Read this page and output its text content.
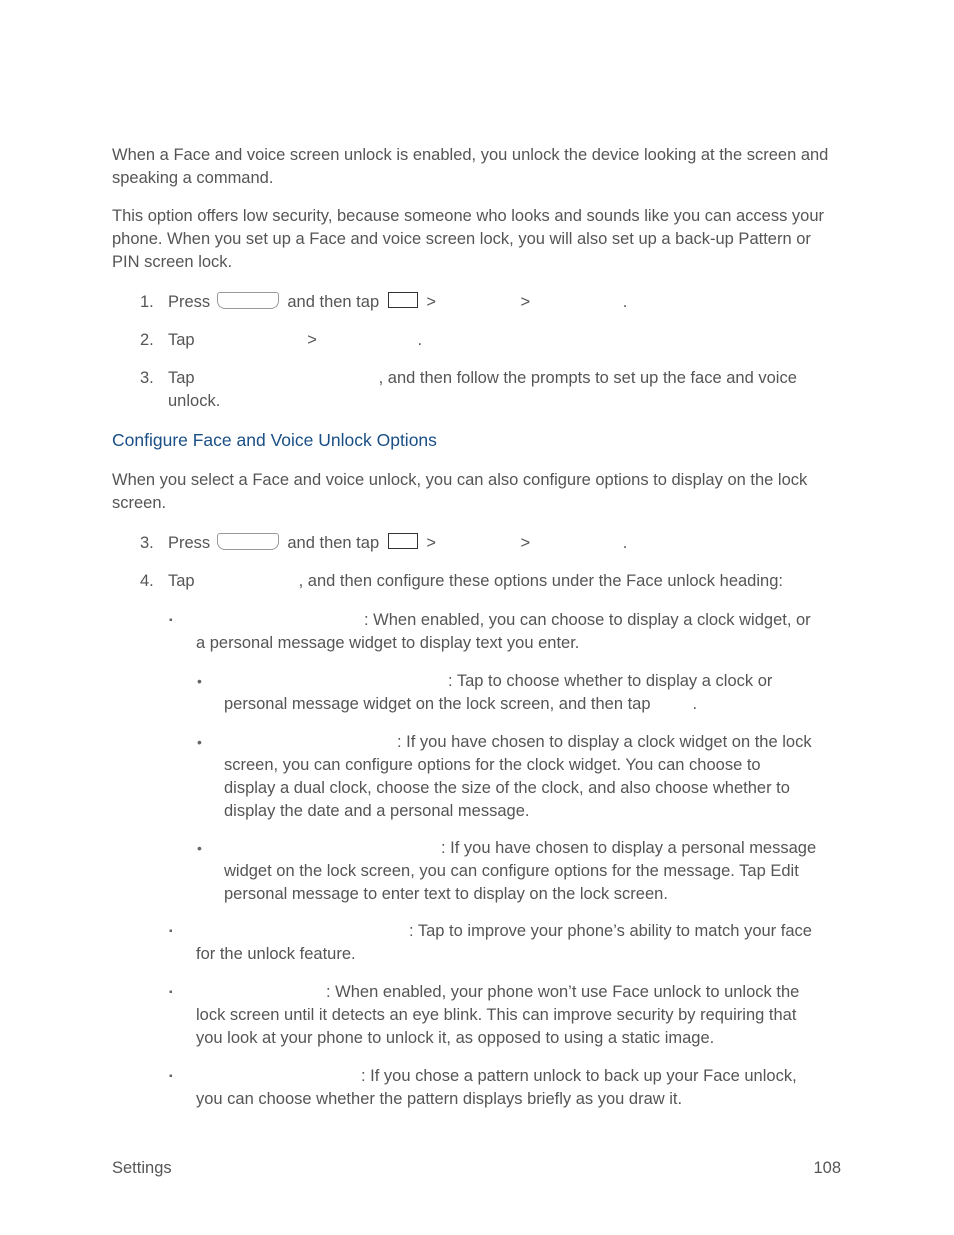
When a Face and voice screen unlock is enabled, you unlock the device looking at the screen and speaking a command.

This option offers low security, because someone who looks and sounds like you can access your phone. When you set up a Face and voice screen lock, you will also set up a back-up Pattern or PIN screen lock.

1. Press	and then tap	>	>	.
2. Tap	>	.
3. Tap	, and then follow the prompts to set up the face and voice
unlock.
Configure Face and Voice Unlock Options

When you select a Face and voice unlock, you can also configure options to display on the lock screen.

3. Press	and then tap	>	>	.
4. Tap	, and then configure these options under the Face unlock heading:
▪	: When enabled, you can choose to display a clock widget, or
a personal message widget to display text you enter.
•	: Tap to choose whether to display a clock or
personal message widget on the lock screen, and then tap	.
•	: If you have chosen to display a clock widget on the lock
screen, you can configure options for the clock widget. You can choose to
display a dual clock, choose the size of the clock, and also choose whether to
display the date and a personal message.
•	: If you have chosen to display a personal message
widget on the lock screen, you can configure options for the message. Tap Edit
personal message to enter text to display on the lock screen.
▪	: Tap to improve your phone’s ability to match your face
for the unlock feature.
▪	: When enabled, your phone won’t use Face unlock to unlock the
lock screen until it detects an eye blink. This can improve security by requiring that
you look at your phone to unlock it, as opposed to using a static image.
▪	: If you chose a pattern unlock to back up your Face unlock,
you can choose whether the pattern displays briefly as you draw it.
Settings	108
